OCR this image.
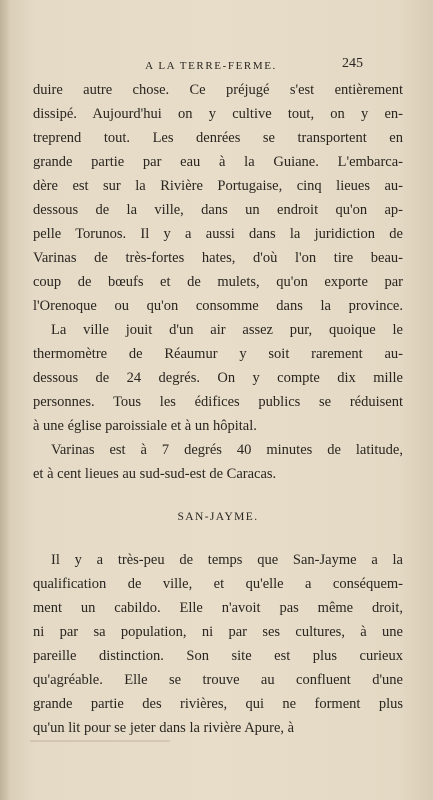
A LA TERRE-FERME.	245
duire autre chose. Ce préjugé s'est entièrement
dissipé. Aujourd'hui on y cultive tout, on y en-
treprend tout. Les denrées se transportent en
grande partie par eau à la Guiane. L'embarca-
dère est sur la Rivière Portugaise, cinq lieues au-
dessous de la ville, dans un endroit qu'on ap-
pelle Torunos. Il y a aussi dans la juridiction de
Varinas de très-fortes hates, d'où l'on tire beau-
coup de bœufs et de mulets, qu'on exporte par
l'Orenoque ou qu'on consomme dans la province.
La ville jouit d'un air assez pur, quoique le
thermomètre de Réaumur y soit rarement au-
dessous de 24 degrés. On y compte dix mille
personnes. Tous les édifices publics se réduisent
à une église paroissiale et à un hôpital.
Varinas est à 7 degrés 40 minutes de latitude,
et à cent lieues au sud-sud-est de Caracas.
SAN-JAYME.
Il y a très-peu de temps que San-Jayme a la
qualification de ville, et qu'elle a conséquem-
ment un cabildo. Elle n'avoit pas même droit,
ni par sa population, ni par ses cultures, à une
pareille distinction. Son site est plus curieux
qu'agréable. Elle se trouve au confluent d'une
grande partie des rivières, qui ne forment plus
qu'un lit pour se jeter dans la rivière Apure, à
